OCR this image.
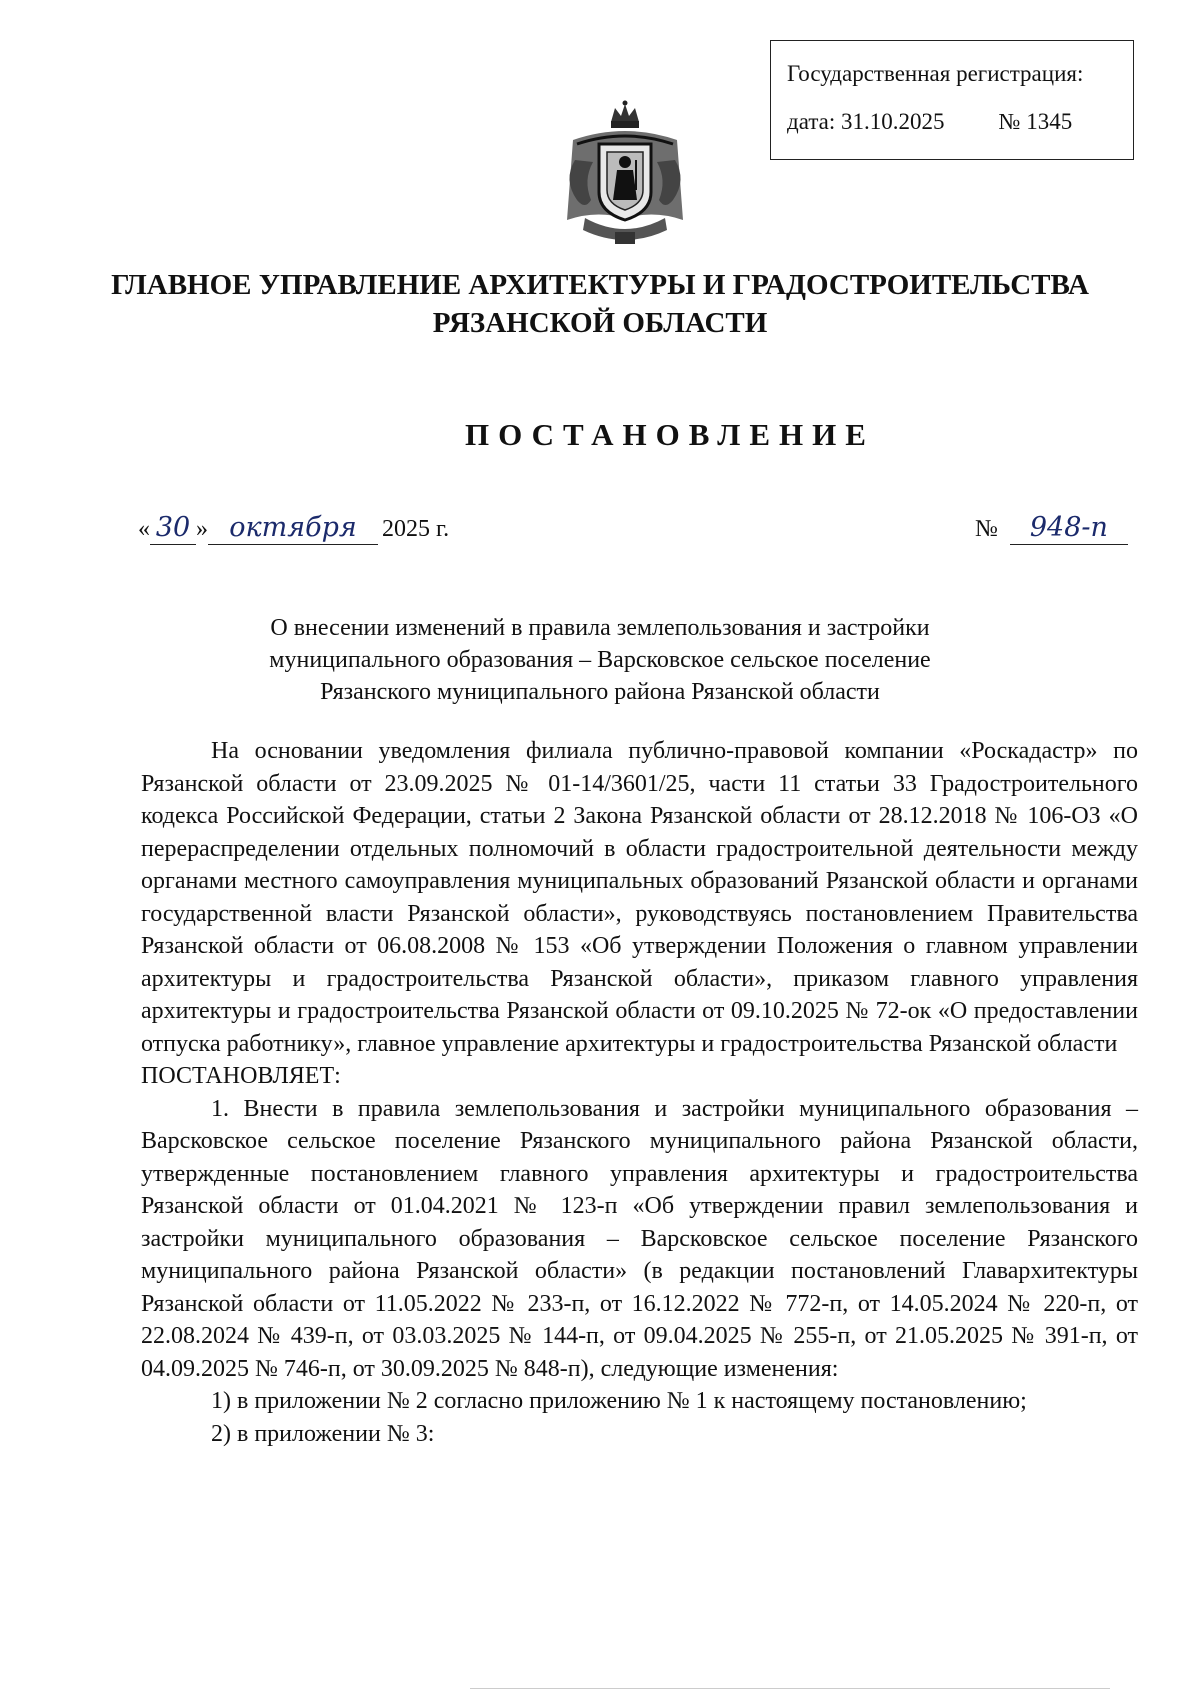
Государственная регистрация:
дата: 31.10.2025 № 1345
ГЛАВНОЕ УПРАВЛЕНИЕ АРХИТЕКТУРЫ И ГРАДОСТРОИТЕЛЬСТВА
РЯЗАНСКОЙ ОБЛАСТИ
ПОСТАНОВЛЕНИЕ
« 30 » октября	2025 г.	№	948-п
О внесении изменений в правила землепользования и застройки
муниципального образования – Варсковское сельское поселение
Рязанского муниципального района Рязанской области

На основании уведомления филиала публично-правовой компании «Роскадастр» по Рязанской области от 23.09.2025 № 01-14/3601/25, части 11 статьи 33 Градостроительного кодекса Российской Федерации, статьи 2 Закона Рязанской области от 28.12.2018 № 106-ОЗ «О перераспределении отдельных полномочий в области градостроительной деятельности между органами местного самоуправления муниципальных образований Рязанской области и органами государственной власти Рязанской области», руководствуясь постановлением Правительства Рязанской области от 06.08.2008 № 153 «Об утверждении Положения о главном управлении архитектуры и градостроительства Рязанской области», приказом главного управления архитектуры и градостроительства Рязанской области от 09.10.2025 № 72-ок «О предоставлении отпуска работнику», главное управление архитектуры и градостроительства Рязанской области

ПОСТАНОВЛЯЕТ:

1. Внести в правила землепользования и застройки муниципального образования – Варсковское сельское поселение Рязанского муниципального района Рязанской области, утвержденные постановлением главного управления архитектуры и градостроительства Рязанской области от 01.04.2021 № 123-п «Об утверждении правил землепользования и застройки муниципального образования – Варсковское сельское поселение Рязанского муниципального района Рязанской области» (в редакции постановлений Главархитектуры Рязанской области от 11.05.2022 № 233-п, от 16.12.2022 № 772-п, от 14.05.2024 № 220-п, от 22.08.2024 № 439-п, от 03.03.2025 № 144-п, от 09.04.2025 № 255-п, от 21.05.2025 № 391-п, от 04.09.2025 № 746-п, от 30.09.2025 № 848-п), следующие изменения:

1) в приложении № 2 согласно приложению № 1 к настоящему постановлению;

2) в приложении № 3:
